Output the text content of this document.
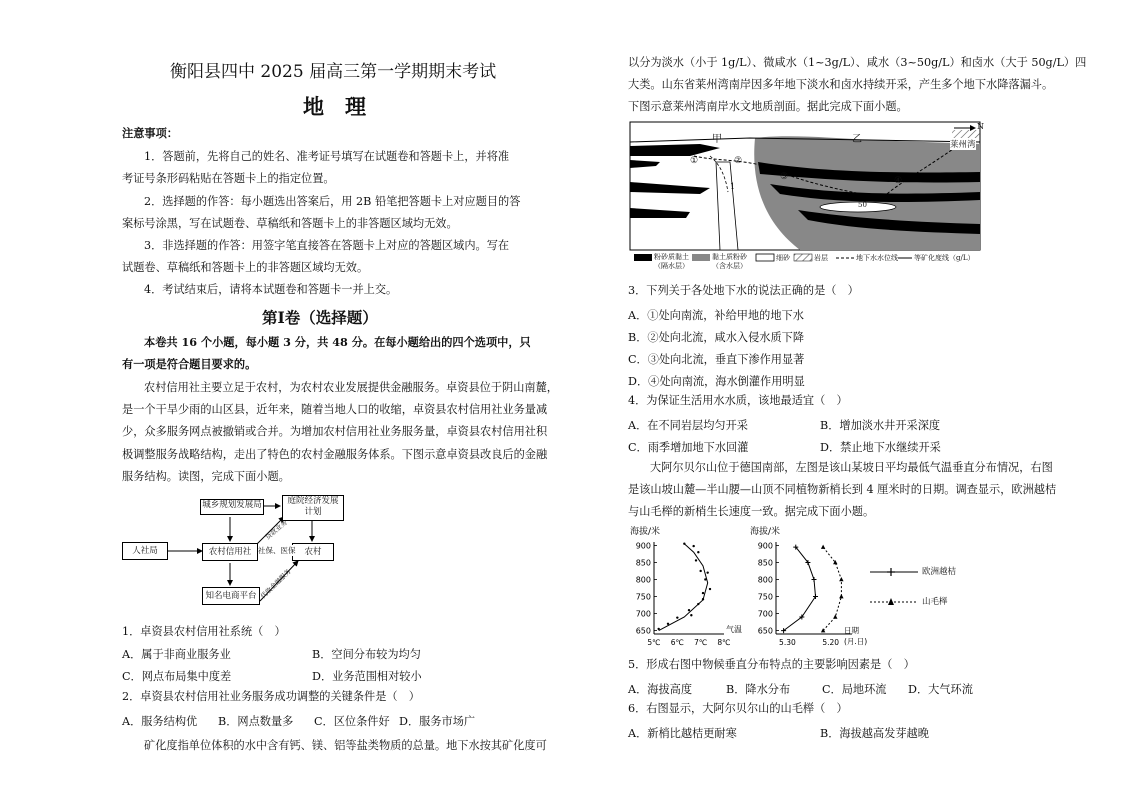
衡阳县四中 2025 届高三第一学期期末考试
地　理
注意事项：
1．答题前，先将自己的姓名、准考证号填写在试题卷和答题卡上，并将准
考证号条形码粘贴在答题卡上的指定位置。
2．选择题的作答：每小题选出答案后，用 2B 铅笔把答题卡上对应题目的答
案标号涂黑，写在试题卷、草稿纸和答题卡上的非答题区域均无效。
3．非选择题的作答：用签字笔直接答在答题卡上对应的答题区域内。写在
试题卷、草稿纸和答题卡上的非答题区域均无效。
4．考试结束后，请将本试题卷和答题卡一并上交。
第Ⅰ卷（选择题）
本卷共 16 个小题，每小题 3 分，共 48 分。在每小题给出的四个选项中，只
有一项是符合题目要求的。
农村信用社主要立足于农村，为农村农业发展提供金融服务。卓资县位于阴山南麓，
是一个干旱少雨的山区县，近年来，随着当地人口的收缩，卓资县农村信用社业务量减
少，众多服务网点被撤销或合并。为增加农村信用社业务服务量，卓资县农村信用社积
极调整服务战略结构，走出了特色的农村金融服务体系。下图示意卓资县改良后的金融
服务结构。读图，完成下面小题。
城乡规划发展局	庭院经济发展
计划
人社局	农村信用社	农村
知名电商平台
贷款业务
社保、医保
代收金融服务
1．卓资县农村信用社系统（　）
A．属于非商业服务业	B．空间分布较为均匀
C．网点布局集中度差	D．业务范围相对较小
2．卓资县农村信用社业务服务成功调整的关键条件是（　）
A．服务结构优 B．网点数量多 C．区位条件好 D．服务市场广
矿化度指单位体积的水中含有钙、镁、铝等盐类物质的总量。地下水按其矿化度可
以分为淡水（小于 1g/L）、微咸水（1~3g/L）、咸水（3~50g/L）和卤水（大于 50g/L）四
大类。山东省莱州湾南岸因多年地下淡水和卤水持续开采，产生多个地下水降落漏斗。
下图示意莱州湾南岸水文地质剖面。据此完成下面小题。
甲	乙
N
莱州湾
①	②
③	④
1
50
粉砂质黏土
（隔水层）
黏土质粉砂
（含水层）
细砂	岩层	地下水水位线 等矿化度线（g/L）
3．下列关于各处地下水的说法正确的是（　）
A．①处向南流，补给甲地的地下水
B．②处向北流，咸水入侵水质下降
C．③处向北流，垂直下渗作用显著
D．④处向南流，海水倒灌作用明显
4．为保证生活用水水质，该地最适宜（　）
A．在不同岩层均匀开采	B．增加淡水井开采深度
C．雨季增加地下水回灌	D．禁止地下水继续开采
大阿尔贝尔山位于德国南部，左图是该山某坡日平均最低气温垂直分布情况，右图
是该山坡山麓—半山腰—山顶不同植物新梢长到 4 厘米时的日期。调查显示，欧洲越桔
与山毛榉的新梢生长速度一致。据完成下面小题。
海拔/米
650
700
750
800
850
900
5℃ 6℃ 7℃ 8℃
气温
海拔/米
650
700
750
800
850
900
5.30	5.20
日期
(月.日)
欧洲越桔
山毛榉
5．形成右图中物候垂直分布特点的主要影响因素是（　）
A．海拔高度	B．降水分布	C．局地环流 D．大气环流
6．右图显示，大阿尔贝尔山的山毛榉（　）
A．新梢比越桔更耐寒	B．海拔越高发芽越晚
